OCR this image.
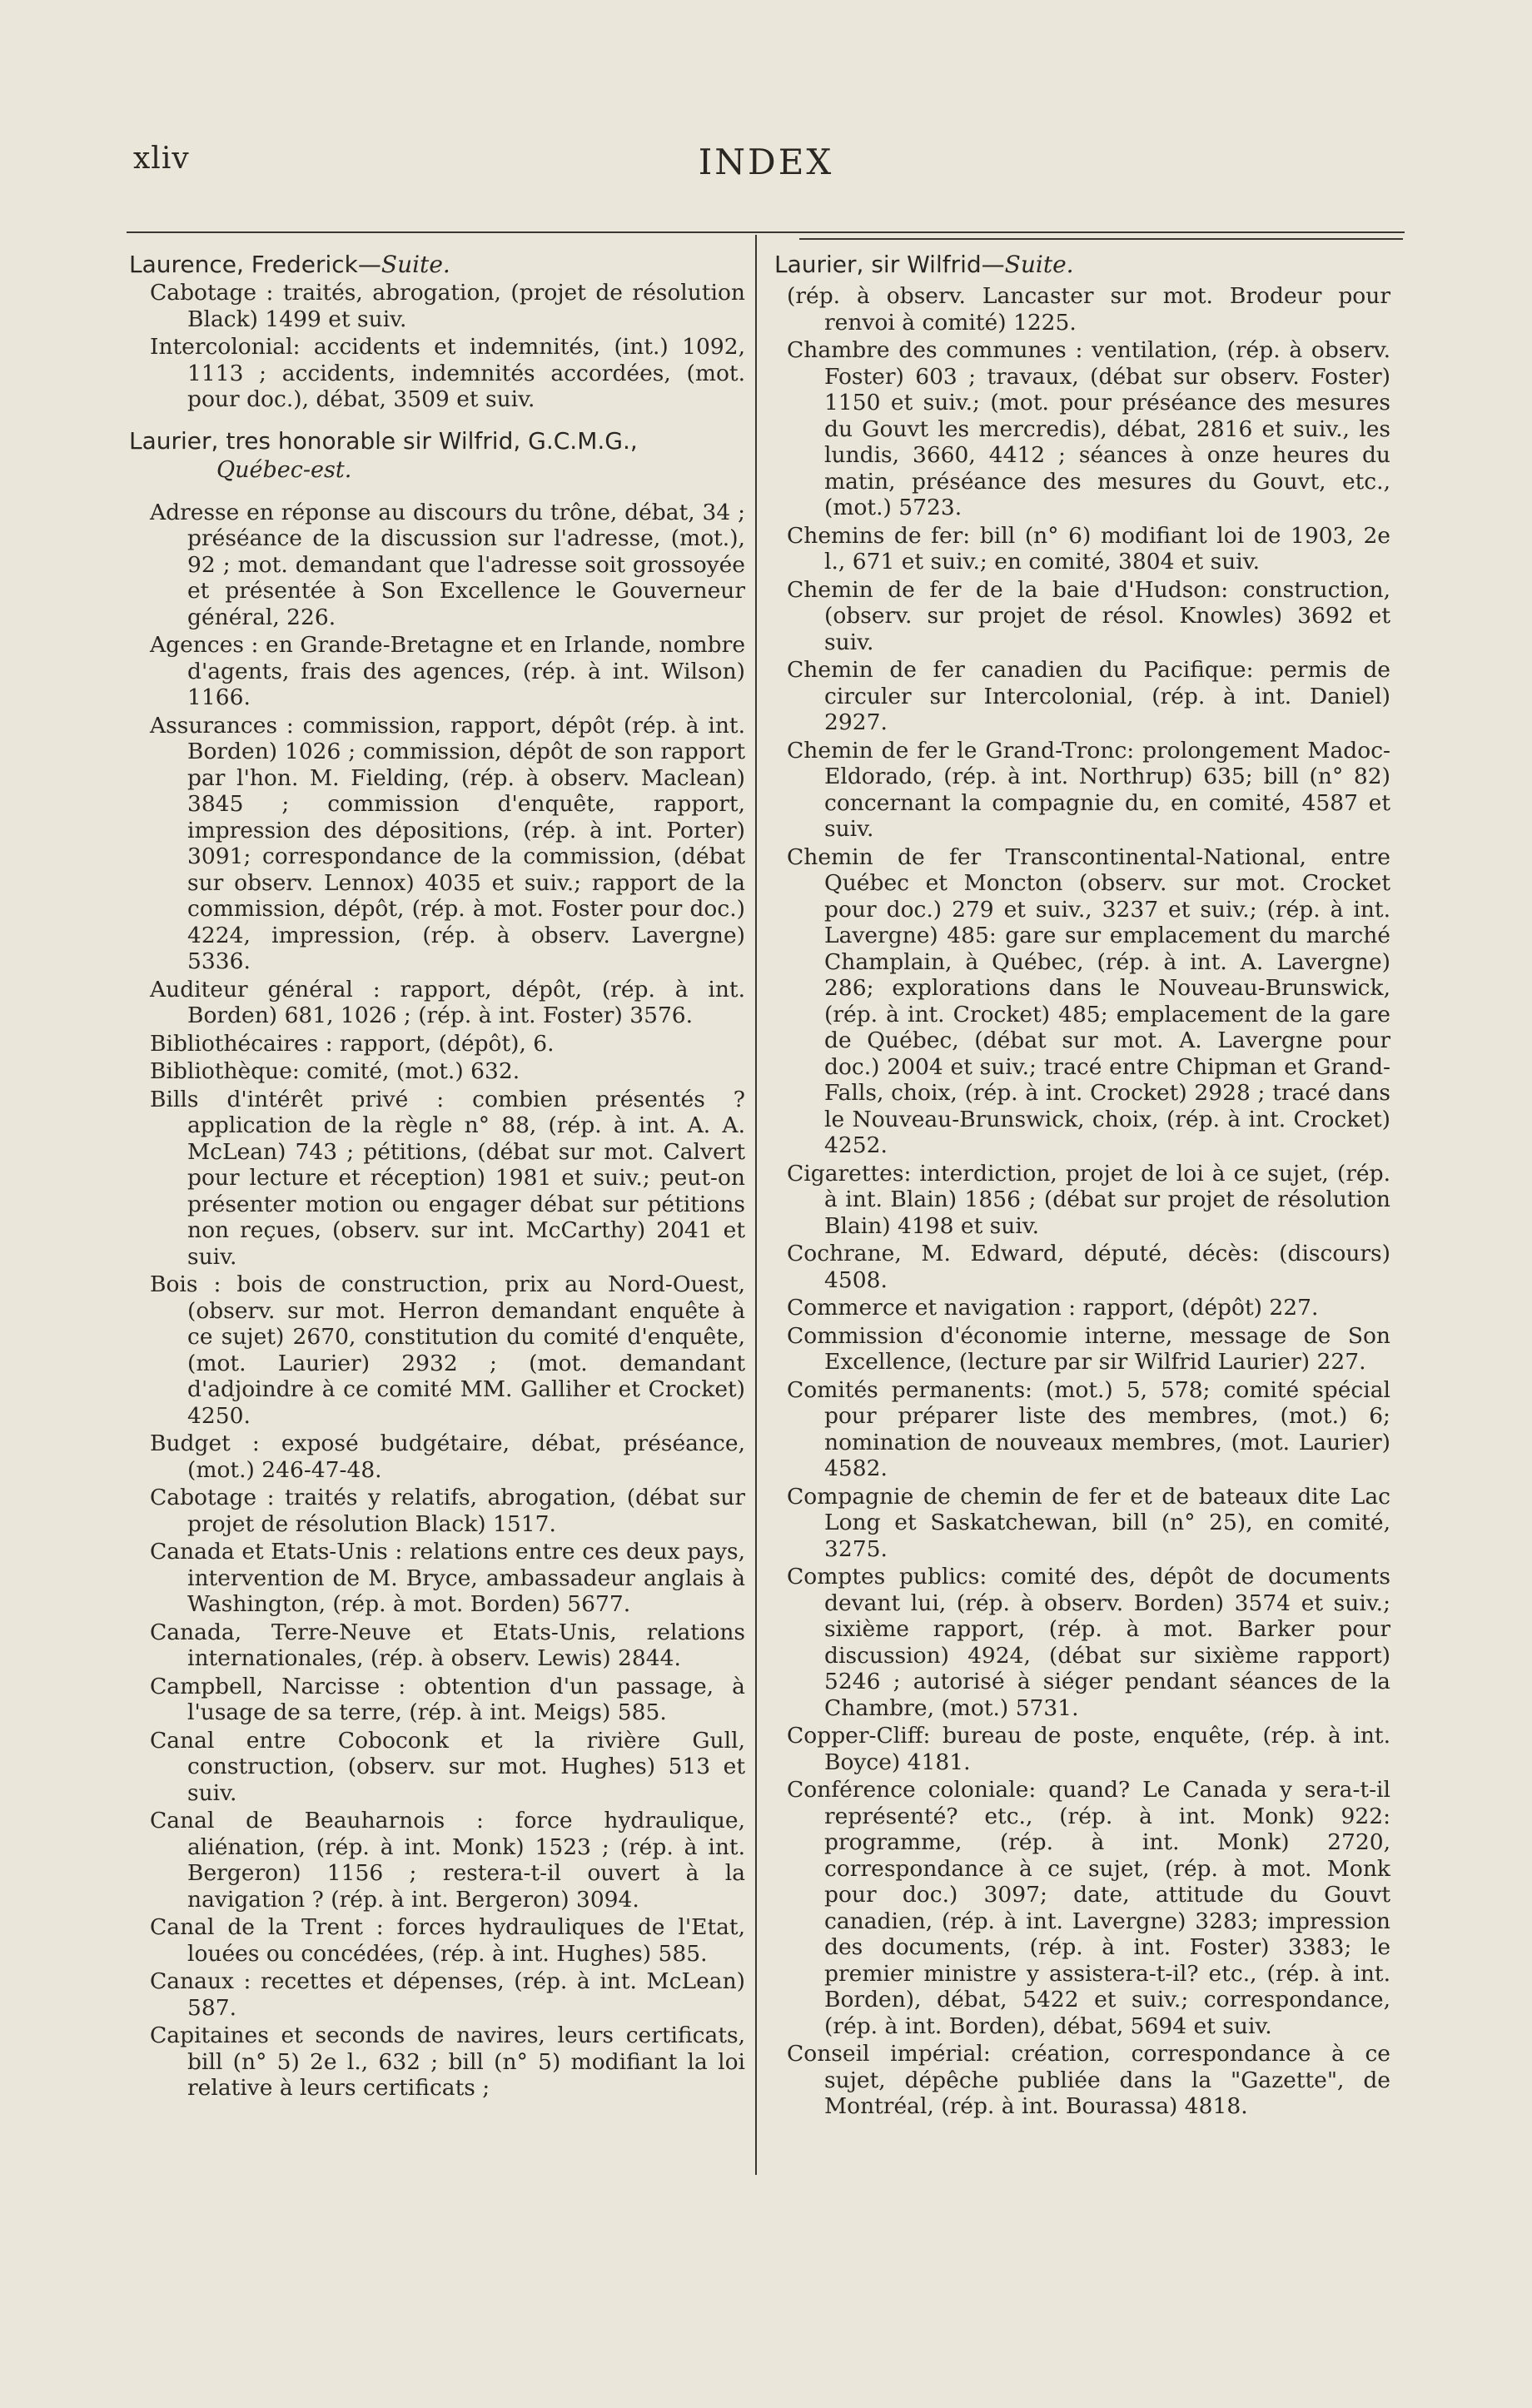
xliv	INDEX

Laurence, Frederick—Suite.

Cabotage : traités, abrogation, (projet de résolution Black) 1499 et suiv.

Intercolonial: accidents et indemnités, (int.) 1092, 1113 ; accidents, indemnités accordées, (mot. pour doc.), débat, 3509 et suiv.

Laurier, tres honorable sir Wilfrid, G.C.M.G.,

Québec-est.

Adresse en réponse au discours du trône, débat, 34 ; préséance de la discussion sur l'adresse, (mot.), 92 ; mot. demandant que l'adresse soit grossoyée et présentée à Son Excellence le Gouverneur général, 226.

Agences : en Grande-Bretagne et en Irlande, nombre d'agents, frais des agences, (rép. à int. Wilson) 1166.

Assurances : commission, rapport, dépôt (rép. à int. Borden) 1026 ; commission, dépôt de son rapport par l'hon. M. Fielding, (rép. à observ. Maclean) 3845 ; commission d'enquête, rapport, impression des dépositions, (rép. à int. Porter) 3091; correspondance de la commission, (débat sur observ. Lennox) 4035 et suiv.; rapport de la commission, dépôt, (rép. à mot. Foster pour doc.) 4224, impression, (rép. à observ. Lavergne) 5336.

Auditeur général : rapport, dépôt, (rép. à int. Borden) 681, 1026 ; (rép. à int. Foster) 3576.

Bibliothécaires : rapport, (dépôt), 6.

Bibliothèque: comité, (mot.) 632.

Bills d'intérêt privé : combien présentés ? application de la règle n° 88, (rép. à int. A. A. McLean) 743 ; pétitions, (débat sur mot. Calvert pour lecture et réception) 1981 et suiv.; peut-on présenter motion ou engager débat sur pétitions non reçues, (observ. sur int. McCarthy) 2041 et suiv.

Bois : bois de construction, prix au Nord-Ouest, (observ. sur mot. Herron demandant enquête à ce sujet) 2670, constitution du comité d'enquête, (mot. Laurier) 2932 ; (mot. demandant d'adjoindre à ce comité MM. Galliher et Crocket) 4250.

Budget : exposé budgétaire, débat, préséance, (mot.) 246-47-48.

Cabotage : traités y relatifs, abrogation, (débat sur projet de résolution Black) 1517.

Canada et Etats-Unis : relations entre ces deux pays, intervention de M. Bryce, ambassadeur anglais à Washington, (rép. à mot. Borden) 5677.

Canada, Terre-Neuve et Etats-Unis, relations internationales, (rép. à observ. Lewis) 2844.

Campbell, Narcisse : obtention d'un passage, à l'usage de sa terre, (rép. à int. Meigs) 585.

Canal entre Coboconk et la rivière Gull, construction, (observ. sur mot. Hughes) 513 et suiv.

Canal de Beauharnois : force hydraulique, aliénation, (rép. à int. Monk) 1523 ; (rép. à int. Bergeron) 1156 ; restera-t-il ouvert à la navigation ? (rép. à int. Bergeron) 3094.

Canal de la Trent : forces hydrauliques de l'Etat, louées ou concédées, (rép. à int. Hughes) 585.

Canaux : recettes et dépenses, (rép. à int. McLean) 587.

Capitaines et seconds de navires, leurs certificats, bill (n° 5) 2e l., 632 ; bill (n° 5) modifiant la loi relative à leurs certificats ;

Laurier, sir Wilfrid—Suite.

(rép. à observ. Lancaster sur mot. Brodeur pour renvoi à comité) 1225.

Chambre des communes : ventilation, (rép. à observ. Foster) 603 ; travaux, (débat sur observ. Foster) 1150 et suiv.; (mot. pour préséance des mesures du Gouvt les mercredis), débat, 2816 et suiv., les lundis, 3660, 4412 ; séances à onze heures du matin, préséance des mesures du Gouvt, etc., (mot.) 5723.

Chemins de fer: bill (n° 6) modifiant loi de 1903, 2e l., 671 et suiv.; en comité, 3804 et suiv.

Chemin de fer de la baie d'Hudson: construction, (observ. sur projet de résol. Knowles) 3692 et suiv.

Chemin de fer canadien du Pacifique: permis de circuler sur Intercolonial, (rép. à int. Daniel) 2927.

Chemin de fer le Grand-Tronc: prolongement Madoc-Eldorado, (rép. à int. Northrup) 635; bill (n° 82) concernant la compagnie du, en comité, 4587 et suiv.

Chemin de fer Transcontinental-National, entre Québec et Moncton (observ. sur mot. Crocket pour doc.) 279 et suiv., 3237 et suiv.; (rép. à int. Lavergne) 485: gare sur emplacement du marché Champlain, à Québec, (rép. à int. A. Lavergne) 286; explorations dans le Nouveau-Brunswick, (rép. à int. Crocket) 485; emplacement de la gare de Québec, (débat sur mot. A. Lavergne pour doc.) 2004 et suiv.; tracé entre Chipman et Grand-Falls, choix, (rép. à int. Crocket) 2928 ; tracé dans le Nouveau-Brunswick, choix, (rép. à int. Crocket) 4252.

Cigarettes: interdiction, projet de loi à ce sujet, (rép. à int. Blain) 1856 ; (débat sur projet de résolution Blain) 4198 et suiv.

Cochrane, M. Edward, député, décès: (discours) 4508.

Commerce et navigation : rapport, (dépôt) 227.

Commission d'économie interne, message de Son Excellence, (lecture par sir Wilfrid Laurier) 227.

Comités permanents: (mot.) 5, 578; comité spécial pour préparer liste des membres, (mot.) 6; nomination de nouveaux membres, (mot. Laurier) 4582.

Compagnie de chemin de fer et de bateaux dite Lac Long et Saskatchewan, bill (n° 25), en comité, 3275.

Comptes publics: comité des, dépôt de documents devant lui, (rép. à observ. Borden) 3574 et suiv.; sixième rapport, (rép. à mot. Barker pour discussion) 4924, (débat sur sixième rapport) 5246 ; autorisé à siéger pendant séances de la Chambre, (mot.) 5731.

Copper-Cliff: bureau de poste, enquête, (rép. à int. Boyce) 4181.

Conférence coloniale: quand? Le Canada y sera-t-il représenté? etc., (rép. à int. Monk) 922: programme, (rép. à int. Monk) 2720, correspondance à ce sujet, (rép. à mot. Monk pour doc.) 3097; date, attitude du Gouvt canadien, (rép. à int. Lavergne) 3283; impression des documents, (rép. à int. Foster) 3383; le premier ministre y assistera-t-il? etc., (rép. à int. Borden), débat, 5422 et suiv.; correspondance, (rép. à int. Borden), débat, 5694 et suiv.

Conseil impérial: création, correspondance à ce sujet, dépêche publiée dans la "Gazette", de Montréal, (rép. à int. Bourassa) 4818.
